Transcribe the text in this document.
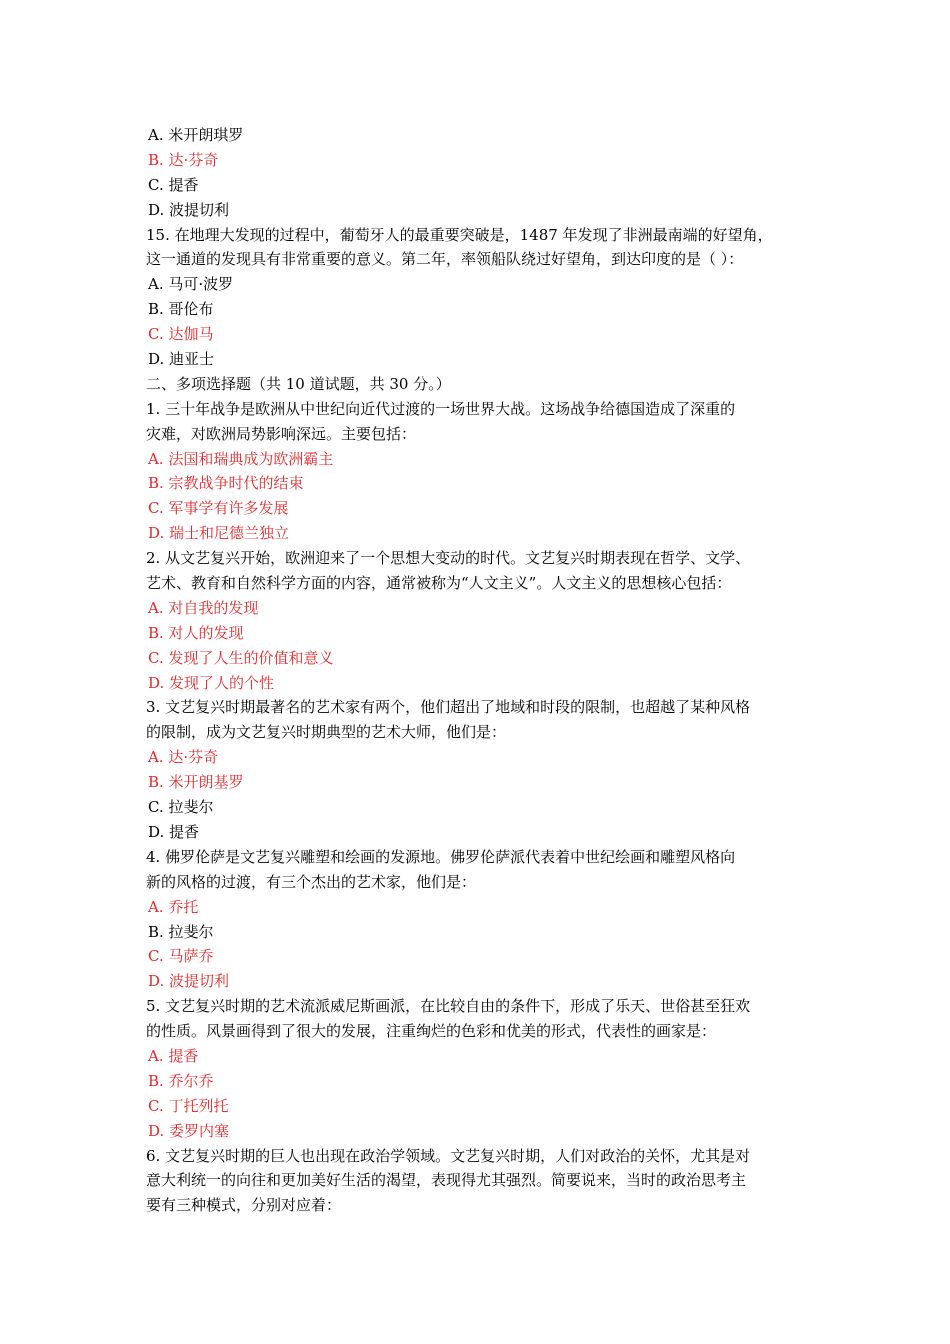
A. 米开朗琪罗
B. 达·芬奇
C. 提香
D. 波提切利
15. 在地理大发现的过程中，葡萄牙人的最重要突破是，1487 年发现了非洲最南端的好望角，
这一通道的发现具有非常重要的意义。第二年，率领船队绕过好望角，到达印度的是（ ）：
A. 马可·波罗
B. 哥伦布
C. 达伽马
D. 迪亚士
二、多项选择题（共 10 道试题，共 30 分。）
1. 三十年战争是欧洲从中世纪向近代过渡的一场世界大战。这场战争给德国造成了深重的
灾难，对欧洲局势影响深远。主要包括：
A. 法国和瑞典成为欧洲霸主
B. 宗教战争时代的结束
C. 军事学有许多发展
D. 瑞士和尼德兰独立
2. 从文艺复兴开始，欧洲迎来了一个思想大变动的时代。文艺复兴时期表现在哲学、文学、
艺术、教育和自然科学方面的内容，通常被称为“人文主义”。人文主义的思想核心包括：
A. 对自我的发现
B. 对人的发现
C. 发现了人生的价值和意义
D. 发现了人的个性
3. 文艺复兴时期最著名的艺术家有两个，他们超出了地域和时段的限制，也超越了某种风格
的限制，成为文艺复兴时期典型的艺术大师，他们是：
A. 达·芬奇
B. 米开朗基罗
C. 拉斐尔
D. 提香
4. 佛罗伦萨是文艺复兴雕塑和绘画的发源地。佛罗伦萨派代表着中世纪绘画和雕塑风格向
新的风格的过渡，有三个杰出的艺术家，他们是：
A. 乔托
B. 拉斐尔
C. 马萨乔
D. 波提切利
5. 文艺复兴时期的艺术流派威尼斯画派，在比较自由的条件下，形成了乐天、世俗甚至狂欢
的性质。风景画得到了很大的发展，注重绚烂的色彩和优美的形式，代表性的画家是：
A. 提香
B. 乔尔乔
C. 丁托列托
D. 委罗内塞
6. 文艺复兴时期的巨人也出现在政治学领域。文艺复兴时期，人们对政治的关怀，尤其是对
意大利统一的向往和更加美好生活的渴望，表现得尤其强烈。简要说来，当时的政治思考主
要有三种模式，分别对应着：
